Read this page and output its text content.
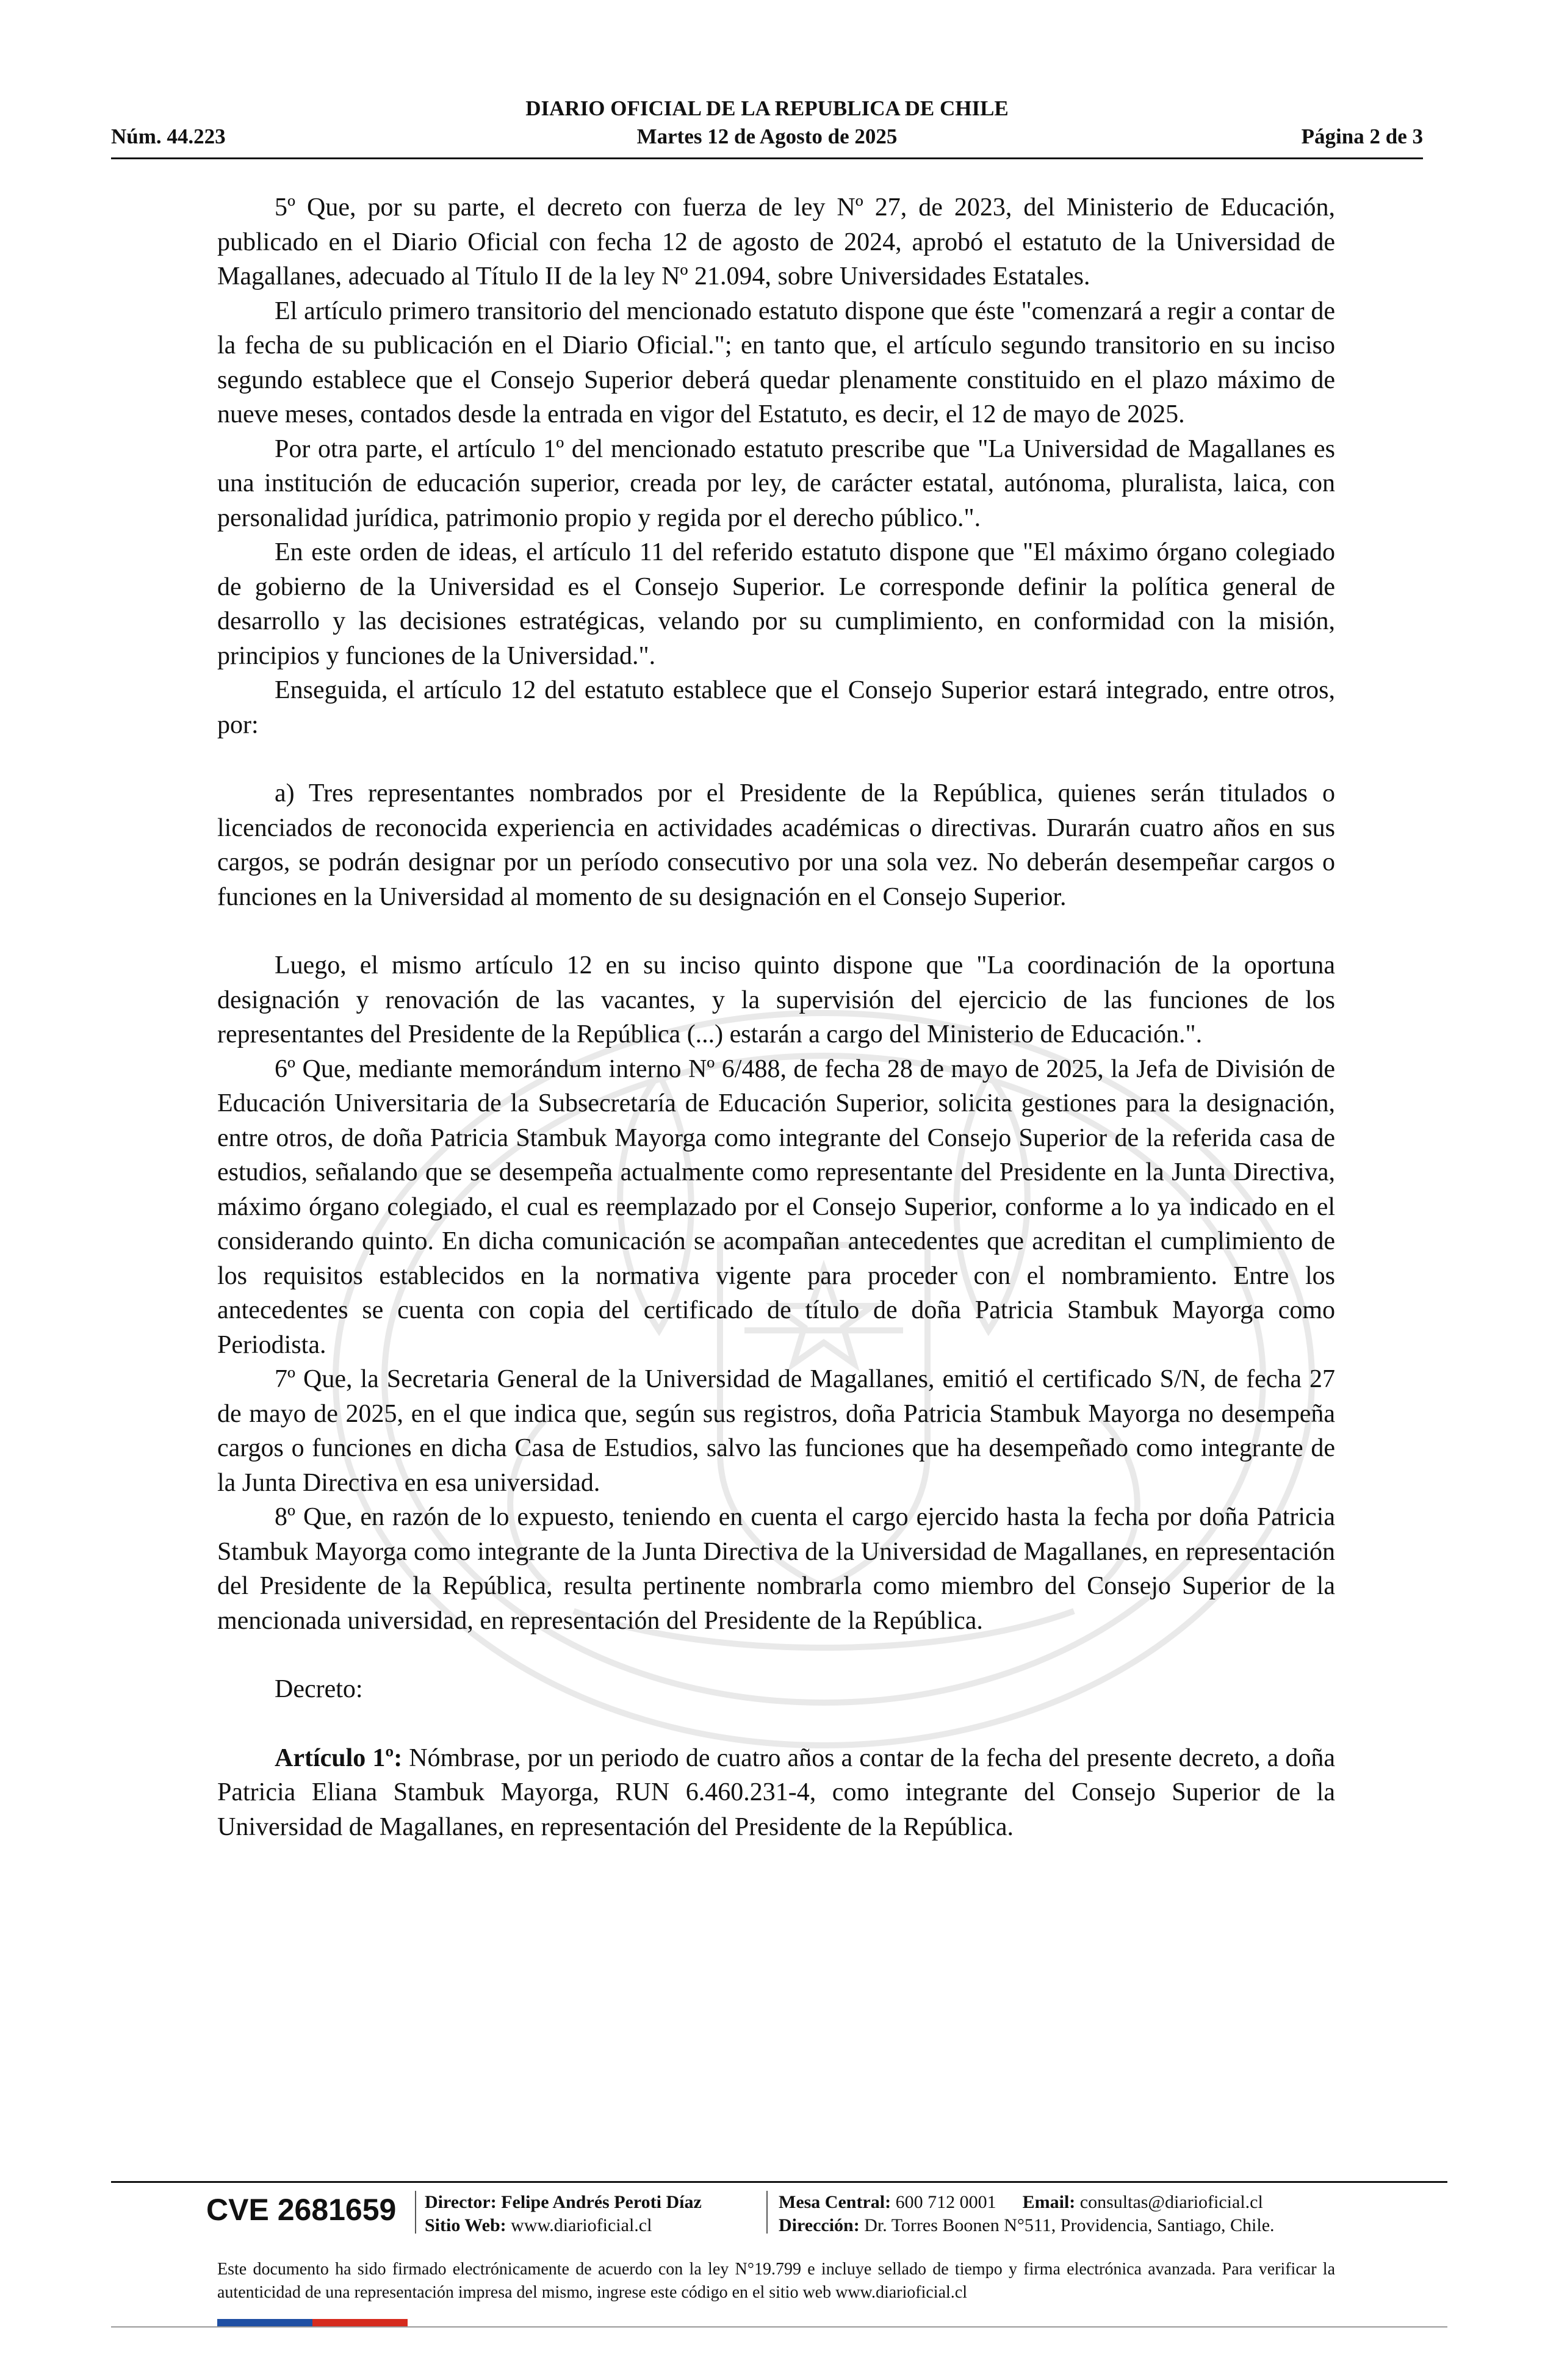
DIARIO OFICIAL DE LA REPUBLICA DE CHILE
Núm. 44.223	Martes 12 de Agosto de 2025	Página 2 de 3

5º Que, por su parte, el decreto con fuerza de ley Nº 27, de 2023, del Ministerio de Educación, publicado en el Diario Oficial con fecha 12 de agosto de 2024, aprobó el estatuto de la Universidad de Magallanes, adecuado al Título II de la ley Nº 21.094, sobre Universidades Estatales.

El artículo primero transitorio del mencionado estatuto dispone que éste "comenzará a regir a contar de la fecha de su publicación en el Diario Oficial."; en tanto que, el artículo segundo transitorio en su inciso segundo establece que el Consejo Superior deberá quedar plenamente constituido en el plazo máximo de nueve meses, contados desde la entrada en vigor del Estatuto, es decir, el 12 de mayo de 2025.

Por otra parte, el artículo 1º del mencionado estatuto prescribe que "La Universidad de Magallanes es una institución de educación superior, creada por ley, de carácter estatal, autónoma, pluralista, laica, con personalidad jurídica, patrimonio propio y regida por el derecho público.".

En este orden de ideas, el artículo 11 del referido estatuto dispone que "El máximo órgano colegiado de gobierno de la Universidad es el Consejo Superior. Le corresponde definir la política general de desarrollo y las decisiones estratégicas, velando por su cumplimiento, en conformidad con la misión, principios y funciones de la Universidad.".

Enseguida, el artículo 12 del estatuto establece que el Consejo Superior estará integrado, entre otros, por:

a) Tres representantes nombrados por el Presidente de la República, quienes serán titulados o licenciados de reconocida experiencia en actividades académicas o directivas. Durarán cuatro años en sus cargos, se podrán designar por un período consecutivo por una sola vez. No deberán desempeñar cargos o funciones en la Universidad al momento de su designación en el Consejo Superior.

Luego, el mismo artículo 12 en su inciso quinto dispone que "La coordinación de la oportuna designación y renovación de las vacantes, y la supervisión del ejercicio de las funciones de los representantes del Presidente de la República (...) estarán a cargo del Ministerio de Educación.".

6º Que, mediante memorándum interno Nº 6/488, de fecha 28 de mayo de 2025, la Jefa de División de Educación Universitaria de la Subsecretaría de Educación Superior, solicita gestiones para la designación, entre otros, de doña Patricia Stambuk Mayorga como integrante del Consejo Superior de la referida casa de estudios, señalando que se desempeña actualmente como representante del Presidente en la Junta Directiva, máximo órgano colegiado, el cual es reemplazado por el Consejo Superior, conforme a lo ya indicado en el considerando quinto. En dicha comunicación se acompañan antecedentes que acreditan el cumplimiento de los requisitos establecidos en la normativa vigente para proceder con el nombramiento. Entre los antecedentes se cuenta con copia del certificado de título de doña Patricia Stambuk Mayorga como Periodista.

7º Que, la Secretaria General de la Universidad de Magallanes, emitió el certificado S/N, de fecha 27 de mayo de 2025, en el que indica que, según sus registros, doña Patricia Stambuk Mayorga no desempeña cargos o funciones en dicha Casa de Estudios, salvo las funciones que ha desempeñado como integrante de la Junta Directiva en esa universidad.

8º Que, en razón de lo expuesto, teniendo en cuenta el cargo ejercido hasta la fecha por doña Patricia Stambuk Mayorga como integrante de la Junta Directiva de la Universidad de Magallanes, en representación del Presidente de la República, resulta pertinente nombrarla como miembro del Consejo Superior de la mencionada universidad, en representación del Presidente de la República.

Decreto:

Artículo 1º: Nómbrase, por un periodo de cuatro años a contar de la fecha del presente decreto, a doña Patricia Eliana Stambuk Mayorga, RUN 6.460.231-4, como integrante del Consejo Superior de la Universidad de Magallanes, en representación del Presidente de la República.

CVE 2681659 Director: Felipe Andrés Peroti Díaz
Sitio Web: www.diarioficial.cl
Mesa Central: 600 712 0001 Email: consultas@diarioficial.cl
Dirección: Dr. Torres Boonen N°511, Providencia, Santiago, Chile.
Este documento ha sido firmado electrónicamente de acuerdo con la ley N°19.799 e incluye sellado de tiempo y firma electrónica avanzada. Para verificar la autenticidad de una representación impresa del mismo, ingrese este código en el sitio web www.diarioficial.cl
